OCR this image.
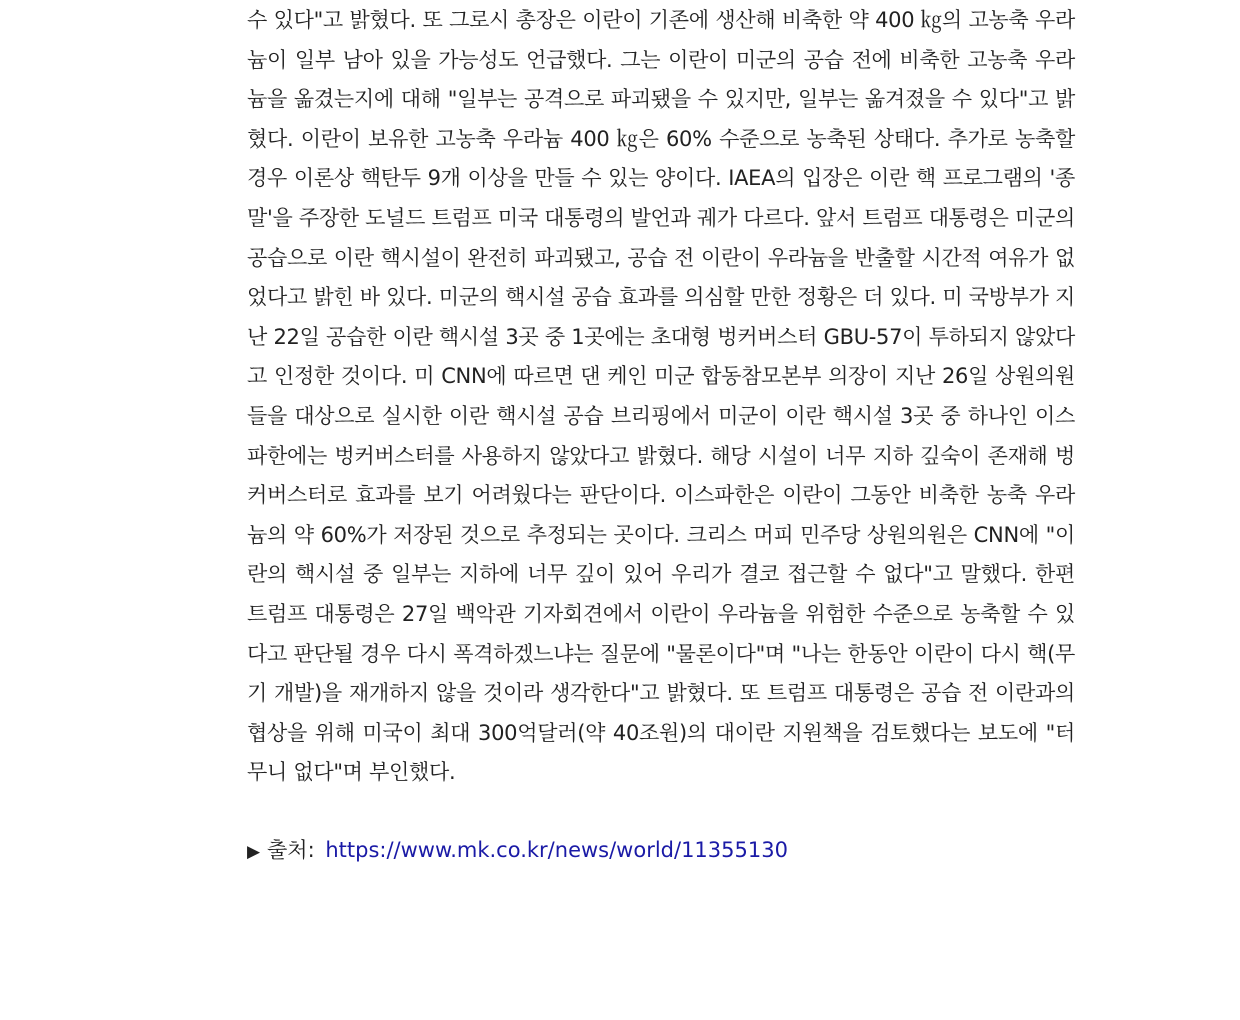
수 있다"고 밝혔다. 또 그로시 총장은 이란이 기존에 생산해 비축한 약 400 ㎏의 고농축 우라늄이 일부 남아 있을 가능성도 언급했다. 그는 이란이 미군의 공습 전에 비축한 고농축 우라늄을 옮겼는지에 대해 "일부는 공격으로 파괴됐을 수 있지만, 일부는 옮겨졌을 수 있다"고 밝혔다. 이란이 보유한 고농축 우라늄 400 ㎏은 60% 수준으로 농축된 상태다. 추가로 농축할 경우 이론상 핵탄두 9개 이상을 만들 수 있는 양이다. IAEA의 입장은 이란 핵 프로그램의 '종말'을 주장한 도널드 트럼프 미국 대통령의 발언과 궤가 다르다. 앞서 트럼프 대통령은 미군의 공습으로 이란 핵시설이 완전히 파괴됐고, 공습 전 이란이 우라늄을 반출할 시간적 여유가 없었다고 밝힌 바 있다. 미군의 핵시설 공습 효과를 의심할 만한 정황은 더 있다. 미 국방부가 지난 22일 공습한 이란 핵시설 3곳 중 1곳에는 초대형 벙커버스터 GBU-57이 투하되지 않았다고 인정한 것이다. 미 CNN에 따르면 댄 케인 미군 합동참모본부 의장이 지난 26일 상원의원들을 대상으로 실시한 이란 핵시설 공습 브리핑에서 미군이 이란 핵시설 3곳 중 하나인 이스파한에는 벙커버스터를 사용하지 않았다고 밝혔다. 해당 시설이 너무 지하 깊숙이 존재해 벙커버스터로 효과를 보기 어려웠다는 판단이다. 이스파한은 이란이 그동안 비축한 농축 우라늄의 약 60%가 저장된 것으로 추정되는 곳이다. 크리스 머피 민주당 상원의원은 CNN에 "이란의 핵시설 중 일부는 지하에 너무 깊이 있어 우리가 결코 접근할 수 없다"고 말했다. 한편 트럼프 대통령은 27일 백악관 기자회견에서 이란이 우라늄을 위험한 수준으로 농축할 수 있다고 판단될 경우 다시 폭격하겠느냐는 질문에 "물론이다"며 "나는 한동안 이란이 다시 핵(무기 개발)을 재개하지 않을 것이라 생각한다"고 밝혔다. 또 트럼프 대통령은 공습 전 이란과의 협상을 위해 미국이 최대 300억달러(약 40조원)의 대이란 지원책을 검토했다는 보도에 "터무니 없다"며 부인했다.

▶ 출처: https://www.mk.co.kr/news/world/11355130
